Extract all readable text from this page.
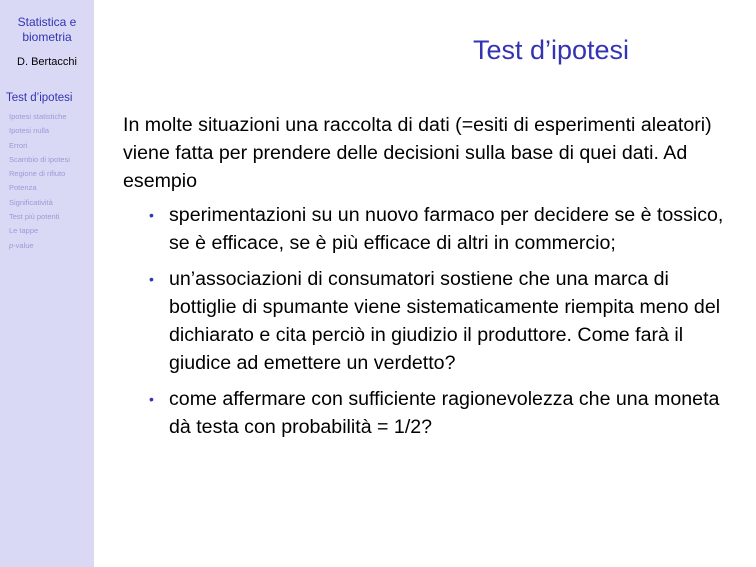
Statistica e biometria
D. Bertacchi
Test d’ipotesi
Ipotesi statistiche
Ipotesi nulla
Errori
Scambio di ipotesi
Regione di rifiuto
Potenza
Significatività
Test più potenti
Le tappe
p-value
Test d’ipotesi

In molte situazioni una raccolta di dati (=esiti di esperimenti aleatori) viene fatta per prendere delle decisioni sulla base di quei dati. Ad esempio

• sperimentazioni su un nuovo farmaco per decidere se è tossico, se è efficace, se è più efficace di altri in commercio;
• un’associazioni di consumatori sostiene che una marca di bottiglie di spumante viene sistematicamente riempita meno del dichiarato e cita perciò in giudizio il produttore. Come farà il giudice ad emettere un verdetto?
• come affermare con sufficiente ragionevolezza che una moneta dà testa con probabilità = 1/2?
